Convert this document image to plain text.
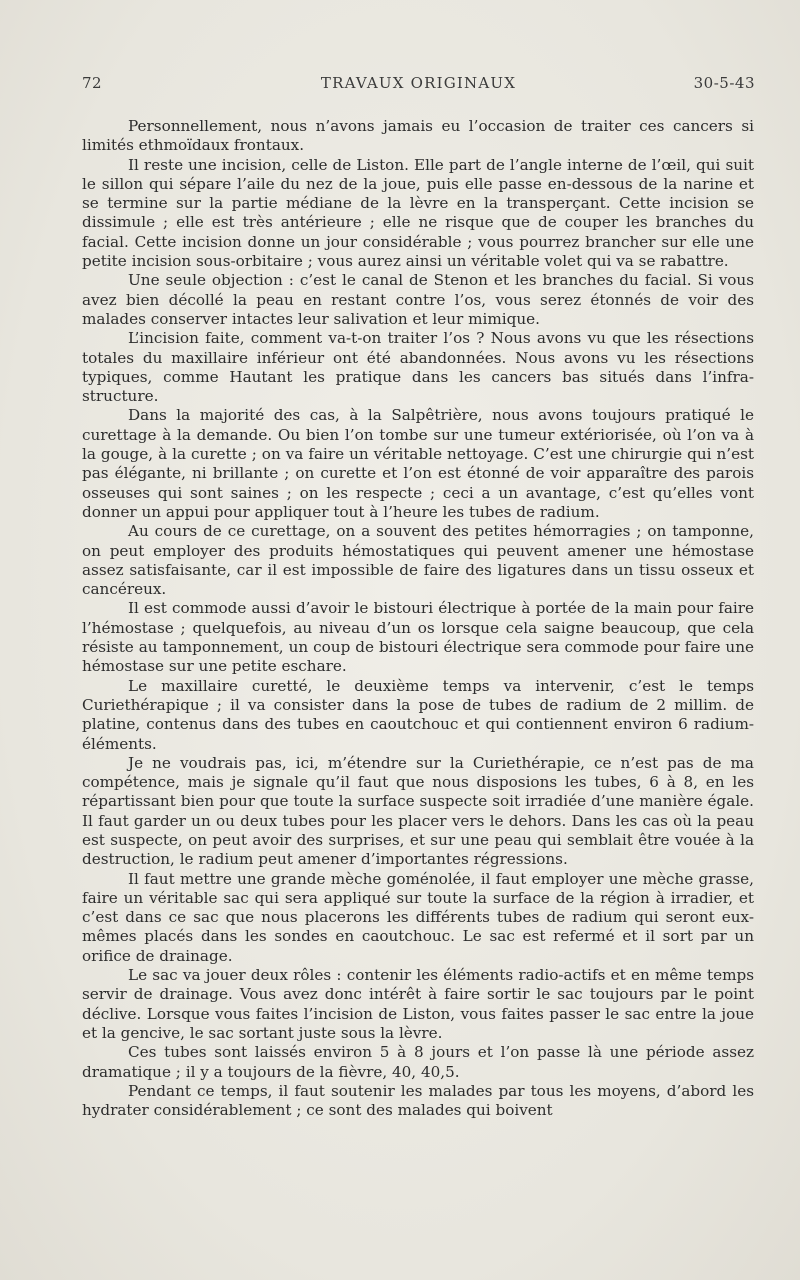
72	TRAVAUX ORIGINAUX	30-5-43

Personnellement, nous n’avons jamais eu l’occasion de traiter ces cancers si limités ethmoïdaux frontaux.

Il reste une incision, celle de Liston. Elle part de l’angle interne de l’œil, qui suit le sillon qui sépare l’aile du nez de la joue, puis elle passe en-dessous de la narine et se termine sur la partie médiane de la lèvre en la transperçant. Cette incision se dissimule ; elle est très antérieure ; elle ne risque que de couper les branches du facial. Cette incision donne un jour considérable ; vous pourrez brancher sur elle une petite incision sous-orbitaire ; vous aurez ainsi un véritable volet qui va se rabattre.

Une seule objection : c’est le canal de Stenon et les branches du facial. Si vous avez bien décollé la peau en restant contre l’os, vous serez étonnés de voir des malades conserver intactes leur salivation et leur mimique.

L’incision faite, comment va-t-on traiter l’os ? Nous avons vu que les résections totales du maxillaire inférieur ont été abandonnées. Nous avons vu les résections typiques, comme Hautant les pratique dans les cancers bas situés dans l’infra-structure.

Dans la majorité des cas, à la Salpêtrière, nous avons toujours pratiqué le curettage à la demande. Ou bien l’on tombe sur une tumeur extériorisée, où l’on va à la gouge, à la curette ; on va faire un véritable nettoyage. C’est une chirurgie qui n’est pas élégante, ni brillante ; on curette et l’on est étonné de voir apparaître des parois osseuses qui sont saines ; on les respecte ; ceci a un avantage, c’est qu’elles vont donner un appui pour appliquer tout à l’heure les tubes de radium.

Au cours de ce curettage, on a souvent des petites hémorragies ; on tamponne, on peut employer des produits hémostatiques qui peuvent amener une hémostase assez satisfaisante, car il est impossible de faire des ligatures dans un tissu osseux et cancéreux.

Il est commode aussi d’avoir le bistouri électrique à portée de la main pour faire l’hémostase ; quelquefois, au niveau d’un os lorsque cela saigne beaucoup, que cela résiste au tamponnement, un coup de bistouri électrique sera commode pour faire une hémostase sur une petite eschare.

Le maxillaire curetté, le deuxième temps va intervenir, c’est le temps Curiethérapique ; il va consister dans la pose de tubes de radium de 2 millim. de platine, contenus dans des tubes en caoutchouc et qui contiennent environ 6 radium-éléments.

Je ne voudrais pas, ici, m’étendre sur la Curiethérapie, ce n’est pas de ma compétence, mais je signale qu’il faut que nous disposions les tubes, 6 à 8, en les répartissant bien pour que toute la surface suspecte soit irradiée d’une manière égale. Il faut garder un ou deux tubes pour les placer vers le dehors. Dans les cas où la peau est suspecte, on peut avoir des surprises, et sur une peau qui semblait être vouée à la destruction, le radium peut amener d’importantes régressions.

Il faut mettre une grande mèche goménolée, il faut employer une mèche grasse, faire un véritable sac qui sera appliqué sur toute la surface de la région à irradier, et c’est dans ce sac que nous placerons les différents tubes de radium qui seront eux-mêmes placés dans les sondes en caoutchouc. Le sac est refermé et il sort par un orifice de drainage.

Le sac va jouer deux rôles : contenir les éléments radio-actifs et en même temps servir de drainage. Vous avez donc intérêt à faire sortir le sac toujours par le point déclive. Lorsque vous faites l’incision de Liston, vous faites passer le sac entre la joue et la gencive, le sac sortant juste sous la lèvre.

Ces tubes sont laissés environ 5 à 8 jours et l’on passe là une période assez dramatique ; il y a toujours de la fièvre, 40, 40,5.

Pendant ce temps, il faut soutenir les malades par tous les moyens, d’abord les hydrater considérablement ; ce sont des malades qui boivent
